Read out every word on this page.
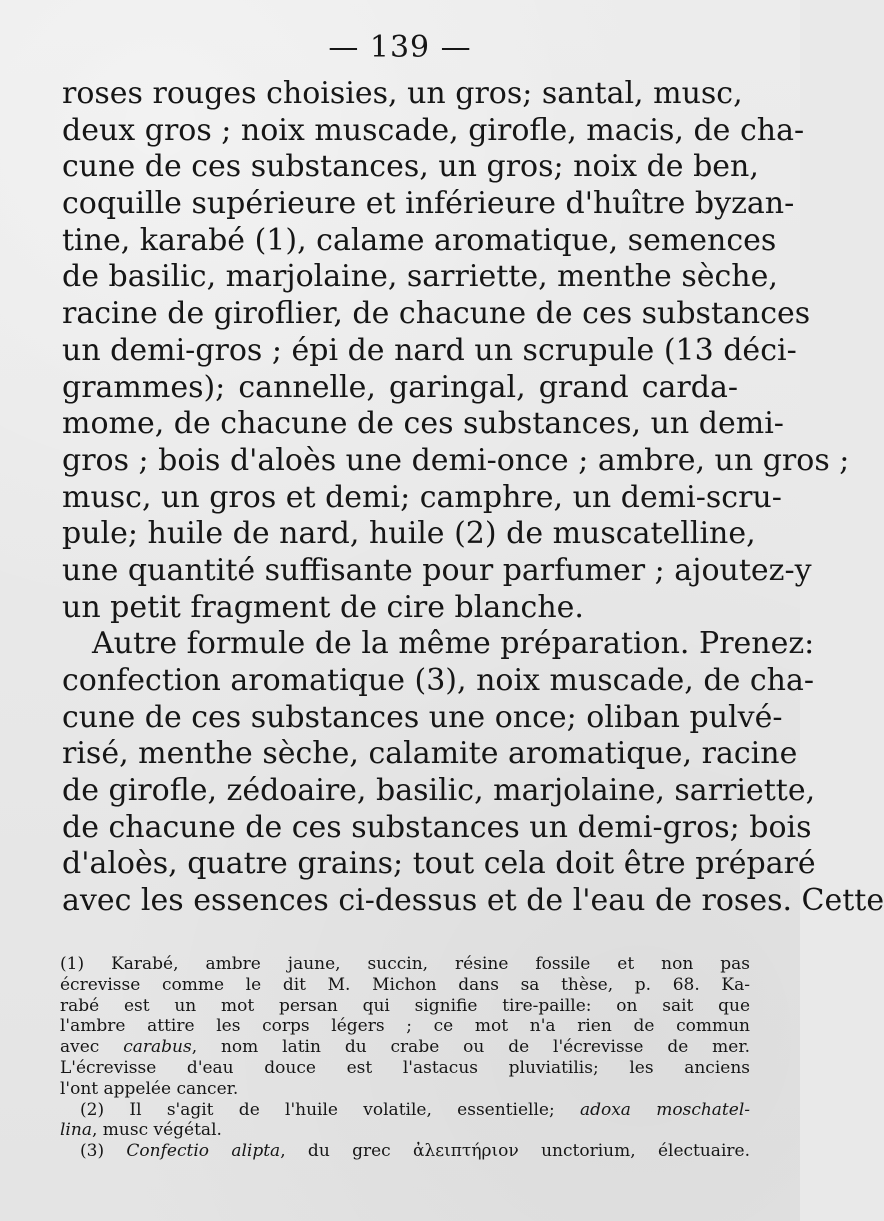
— 139 —
roses rouges choisies, un gros; santal, musc,
deux gros ; noix muscade, girofle, macis, de cha-
cune de ces substances, un gros; noix de ben,
coquille supérieure et inférieure d'huître byzan-
tine, karabé (1), calame aromatique, semences
de basilic, marjolaine, sarriette, menthe sèche,
racine de giroflier, de chacune de ces substances
un demi-gros ; épi de nard un scrupule (13 déci-
grammes); cannelle, garingal, grand carda-
mome, de chacune de ces substances, un demi-
gros ; bois d'aloès une demi-once ; ambre, un gros ;
musc, un gros et demi; camphre, un demi-scru-
pule; huile de nard, huile (2) de muscatelline,
une quantité suffisante pour parfumer ; ajoutez-y
un petit fragment de cire blanche.
Autre formule de la même préparation. Prenez:
confection aromatique (3), noix muscade, de cha-
cune de ces substances une once; oliban pulvé-
risé, menthe sèche, calamite aromatique, racine
de girofle, zédoaire, basilic, marjolaine, sarriette,
de chacune de ces substances un demi-gros; bois
d'aloès, quatre grains; tout cela doit être préparé
avec les essences ci-dessus et de l'eau de roses. Cette
(1) Karabé, ambre jaune, succin, résine fossile et non pas
écrevisse comme le dit M. Michon dans sa thèse, p. 68. Ka-
rabé est un mot persan qui signifie tire-paille: on sait que
l'ambre attire les corps légers ; ce mot n'a rien de commun
avec carabus, nom latin du crabe ou de l'écrevisse de mer.
L'écrevisse d'eau douce est l'astacus pluviatilis; les anciens
l'ont appelée cancer.
(2) Il s'agit de l'huile volatile, essentielle; adoxa moschatel-
lina, musc végétal.
(3) Confectio alipta, du grec ἀλειπτήριον unctorium, électuaire.
